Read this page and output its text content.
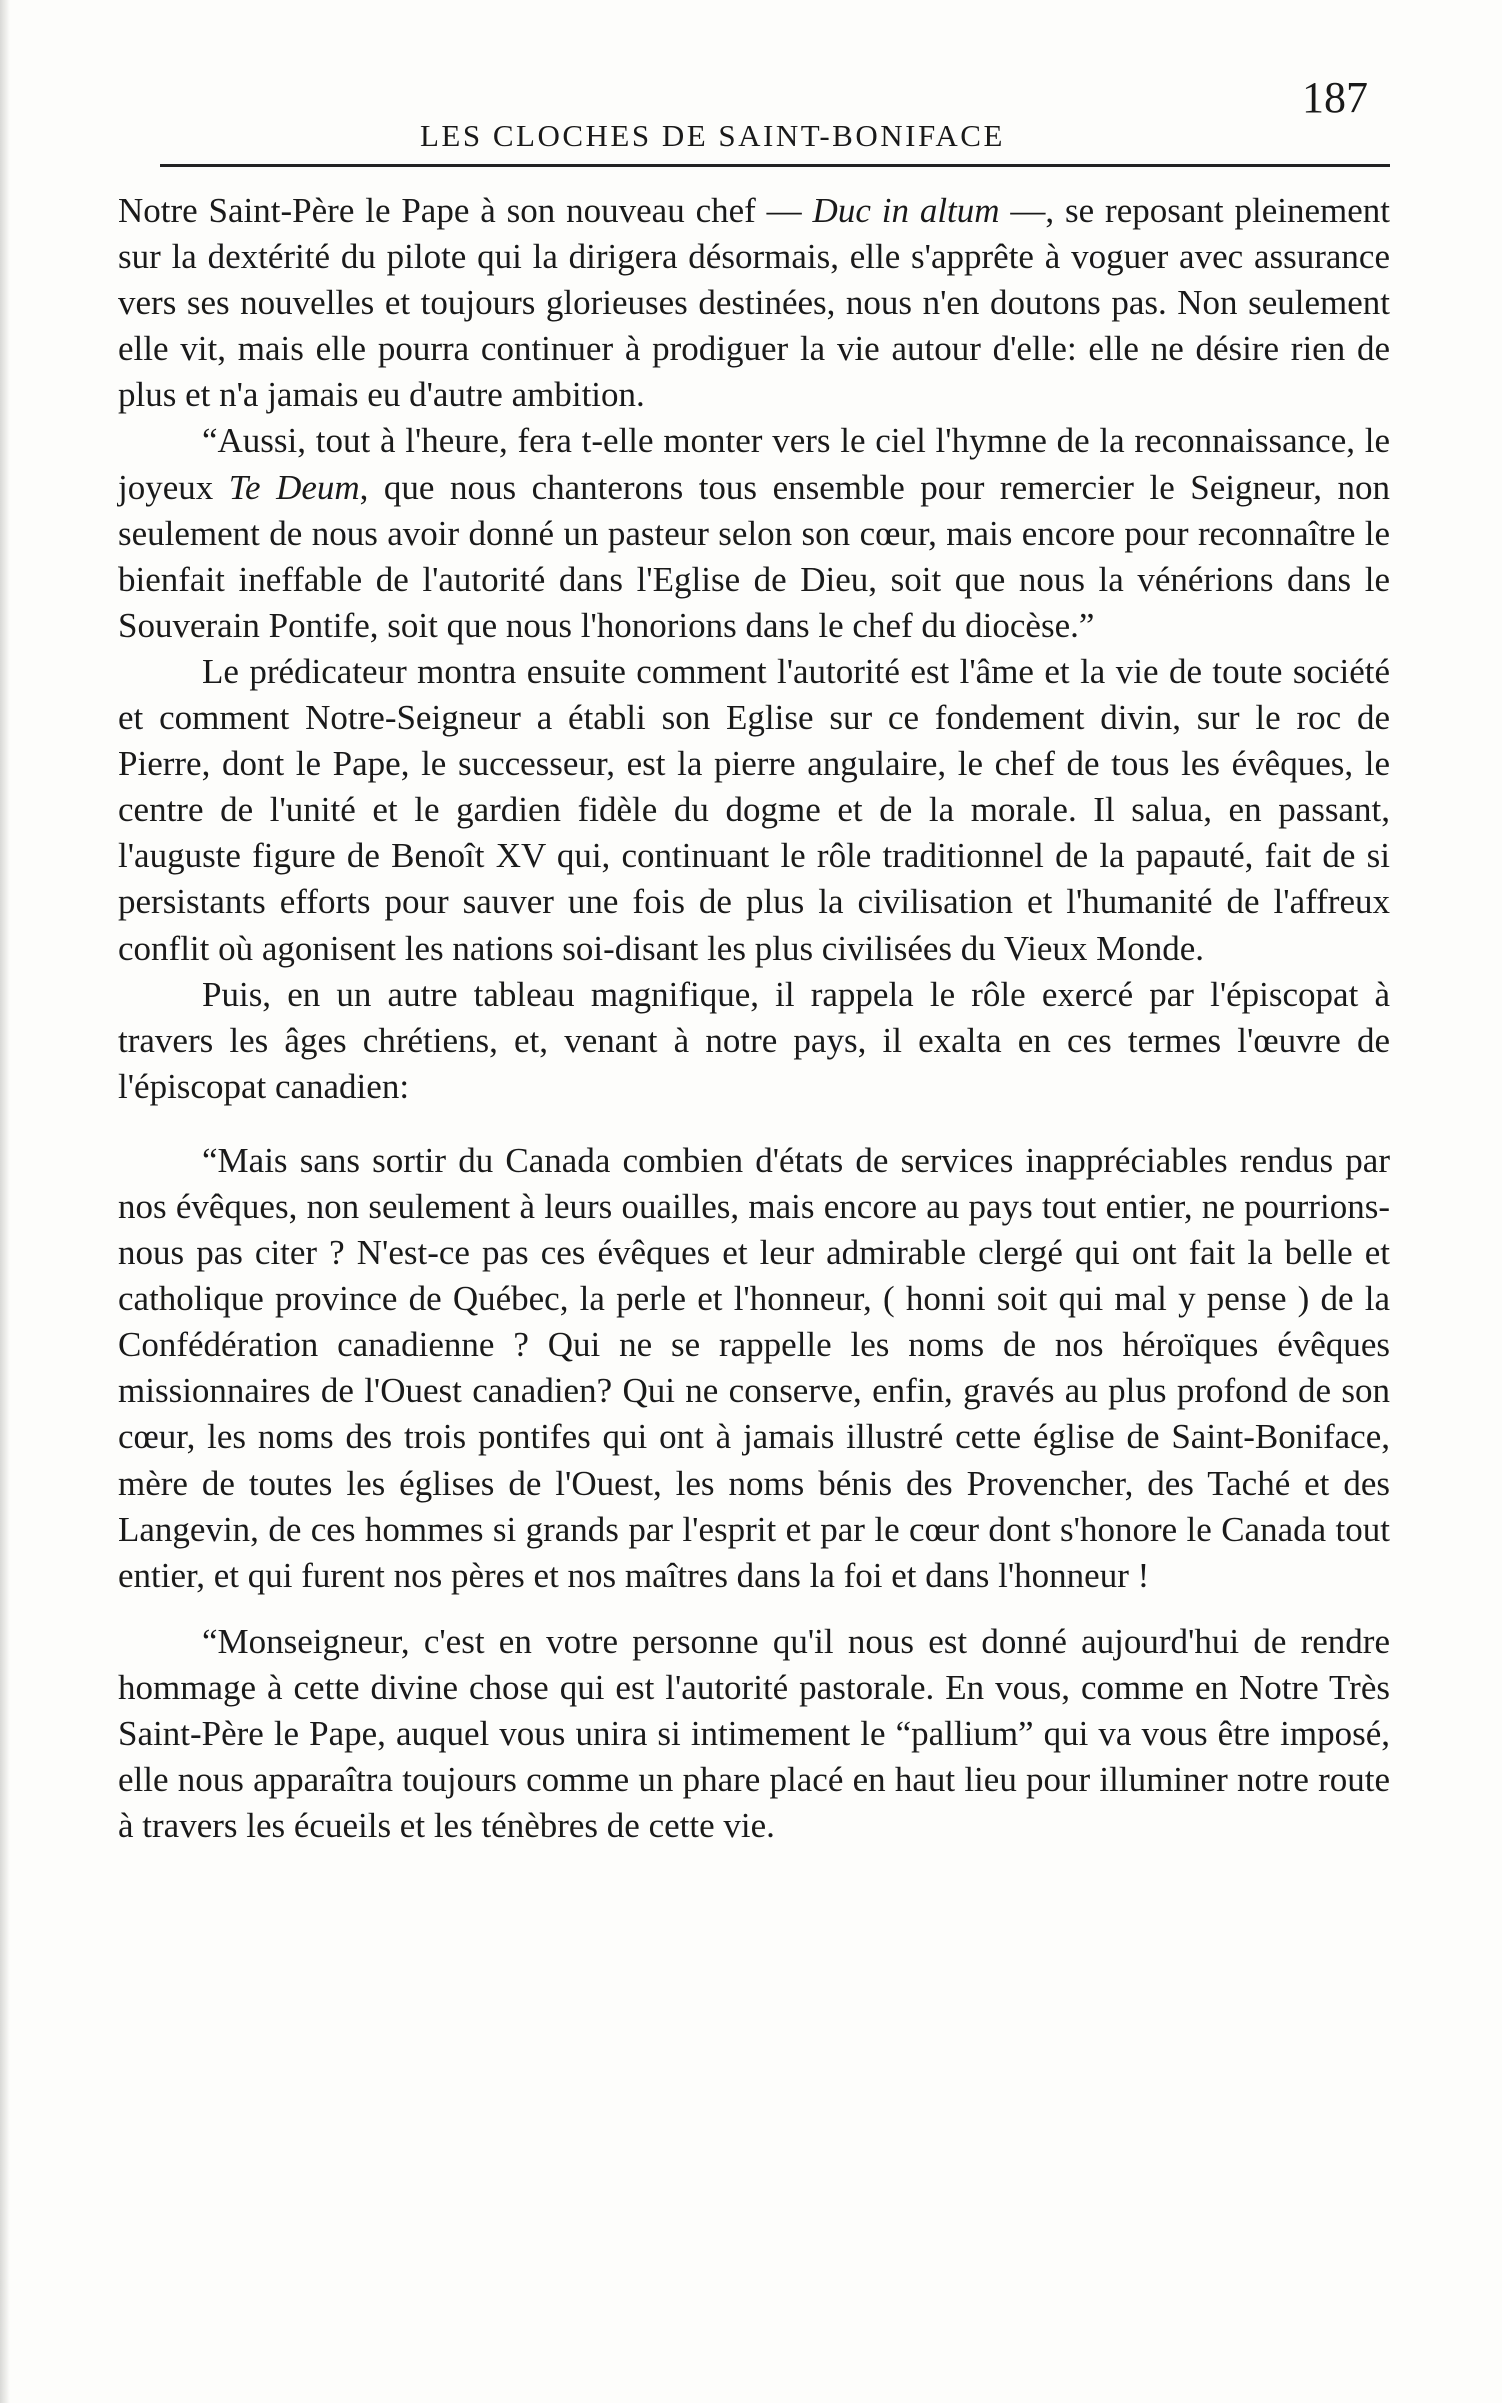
LES CLOCHES DE SAINT-BONIFACE
187

Notre Saint-Père le Pape à son nouveau chef — Duc in altum —, se reposant pleinement sur la dextérité du pilote qui la dirigera désormais, elle s'apprête à voguer avec assurance vers ses nouvelles et toujours glorieuses destinées, nous n'en doutons pas. Non seulement elle vit, mais elle pourra continuer à prodiguer la vie autour d'elle: elle ne désire rien de plus et n'a jamais eu d'autre ambition.

“Aussi, tout à l'heure, fera t-elle monter vers le ciel l'hymne de la reconnaissance, le joyeux Te Deum, que nous chanterons tous ensemble pour remercier le Seigneur, non seulement de nous avoir donné un pasteur selon son cœur, mais encore pour reconnaître le bienfait ineffable de l'autorité dans l'Eglise de Dieu, soit que nous la vénérions dans le Souverain Pontife, soit que nous l'honorions dans le chef du diocèse.”

Le prédicateur montra ensuite comment l'autorité est l'âme et la vie de toute société et comment Notre-Seigneur a établi son Eglise sur ce fondement divin, sur le roc de Pierre, dont le Pape, le successeur, est la pierre angulaire, le chef de tous les évêques, le centre de l'unité et le gardien fidèle du dogme et de la morale. Il salua, en passant, l'auguste figure de Benoît XV qui, continuant le rôle traditionnel de la papauté, fait de si persistants efforts pour sauver une fois de plus la civilisation et l'humanité de l'affreux conflit où agonisent les nations soi-disant les plus civilisées du Vieux Monde.

Puis, en un autre tableau magnifique, il rappela le rôle exercé par l'épiscopat à travers les âges chrétiens, et, venant à notre pays, il exalta en ces termes l'œuvre de l'épiscopat canadien:

“Mais sans sortir du Canada combien d'états de services inappréciables rendus par nos évêques, non seulement à leurs ouailles, mais encore au pays tout entier, ne pourrions-nous pas citer ? N'est-ce pas ces évêques et leur admirable clergé qui ont fait la belle et catholique province de Québec, la perle et l'honneur, ( honni soit qui mal y pense ) de la Confédération canadienne ? Qui ne se rappelle les noms de nos héroïques évêques missionnaires de l'Ouest canadien? Qui ne conserve, enfin, gravés au plus profond de son cœur, les noms des trois pontifes qui ont à jamais illustré cette église de Saint-Boniface, mère de toutes les églises de l'Ouest, les noms bénis des Provencher, des Taché et des Langevin, de ces hommes si grands par l'esprit et par le cœur dont s'honore le Canada tout entier, et qui furent nos pères et nos maîtres dans la foi et dans l'honneur !

“Monseigneur, c'est en votre personne qu'il nous est donné aujourd'hui de rendre hommage à cette divine chose qui est l'autorité pastorale. En vous, comme en Notre Très Saint-Père le Pape, auquel vous unira si intimement le “pallium” qui va vous être imposé, elle nous apparaîtra toujours comme un phare placé en haut lieu pour illuminer notre route à travers les écueils et les ténèbres de cette vie.
